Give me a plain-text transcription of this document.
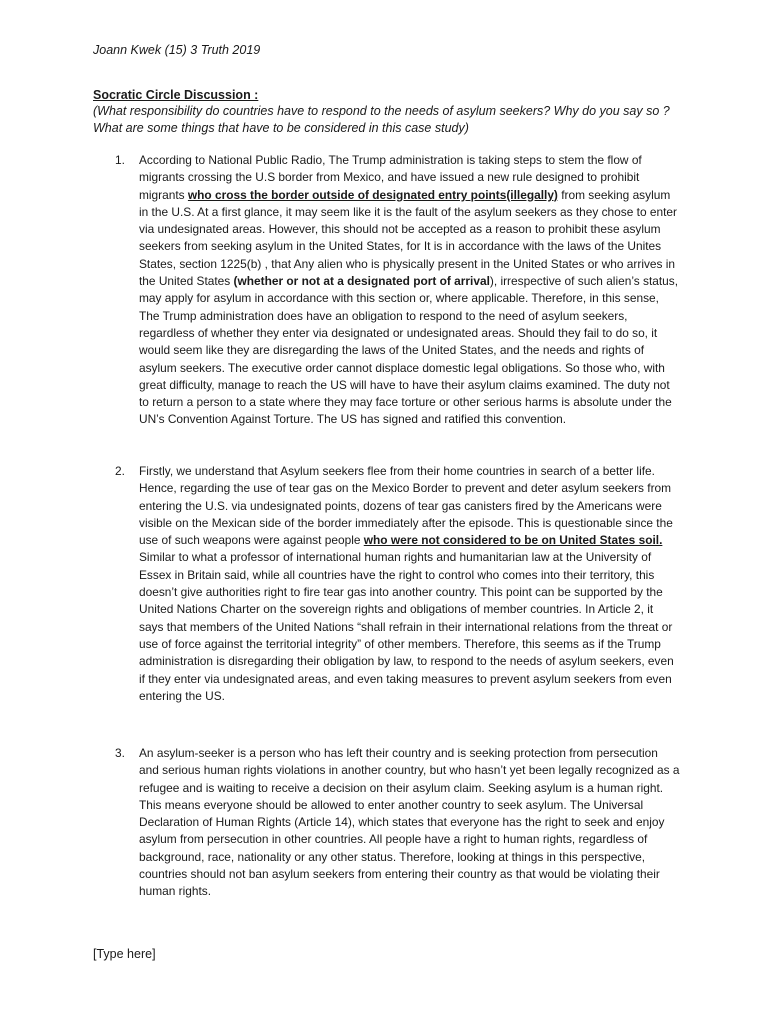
Joann Kwek (15) 3 Truth 2019
Socratic Circle Discussion :
(What responsibility do countries have to respond to the needs of asylum seekers? Why do you say so ? What are some things that have to be considered in this case study)
1. According to National Public Radio, The Trump administration is taking steps to stem the flow of migrants crossing the U.S border from Mexico, and have issued a new rule designed to prohibit migrants who cross the border outside of designated entry points(illegally) from seeking asylum in the U.S. At a first glance, it may seem like it is the fault of the asylum seekers as they chose to enter via undesignated areas. However, this should not be accepted as a reason to prohibit these asylum seekers from seeking asylum in the United States, for It is in accordance with the laws of the Unites States, section 1225(b) , that Any alien who is physically present in the United States or who arrives in the United States (whether or not at a designated port of arrival), irrespective of such alien’s status, may apply for asylum in accordance with this section or, where applicable. Therefore, in this sense, The Trump administration does have an obligation to respond to the need of asylum seekers, regardless of whether they enter via designated or undesignated areas. Should they fail to do so, it would seem like they are disregarding the laws of the United States, and the needs and rights of asylum seekers. The executive order cannot displace domestic legal obligations. So those who, with great difficulty, manage to reach the US will have to have their asylum claims examined. The duty not to return a person to a state where they may face torture or other serious harms is absolute under the UN’s Convention Against Torture. The US has signed and ratified this convention.
2. Firstly, we understand that Asylum seekers flee from their home countries in search of a better life. Hence, regarding the use of tear gas on the Mexico Border to prevent and deter asylum seekers from entering the U.S. via undesignated points, dozens of tear gas canisters fired by the Americans were visible on the Mexican side of the border immediately after the episode. This is questionable since the use of such weapons were against people who were not considered to be on United States soil. Similar to what a professor of international human rights and humanitarian law at the University of Essex in Britain said, while all countries have the right to control who comes into their territory, this doesn’t give authorities right to fire tear gas into another country. This point can be supported by the United Nations Charter on the sovereign rights and obligations of member countries. In Article 2, it says that members of the United Nations “shall refrain in their international relations from the threat or use of force against the territorial integrity” of other members. Therefore, this seems as if the Trump administration is disregarding their obligation by law, to respond to the needs of asylum seekers, even if they enter via undesignated areas, and even taking measures to prevent asylum seekers from even entering the US.
3. An asylum-seeker is a person who has left their country and is seeking protection from persecution and serious human rights violations in another country, but who hasn’t yet been legally recognized as a refugee and is waiting to receive a decision on their asylum claim. Seeking asylum is a human right. This means everyone should be allowed to enter another country to seek asylum. The Universal Declaration of Human Rights (Article 14), which states that everyone has the right to seek and enjoy asylum from persecution in other countries. All people have a right to human rights, regardless of background, race, nationality or any other status. Therefore, looking at things in this perspective, countries should not ban asylum seekers from entering their country as that would be violating their human rights.
[Type here]
